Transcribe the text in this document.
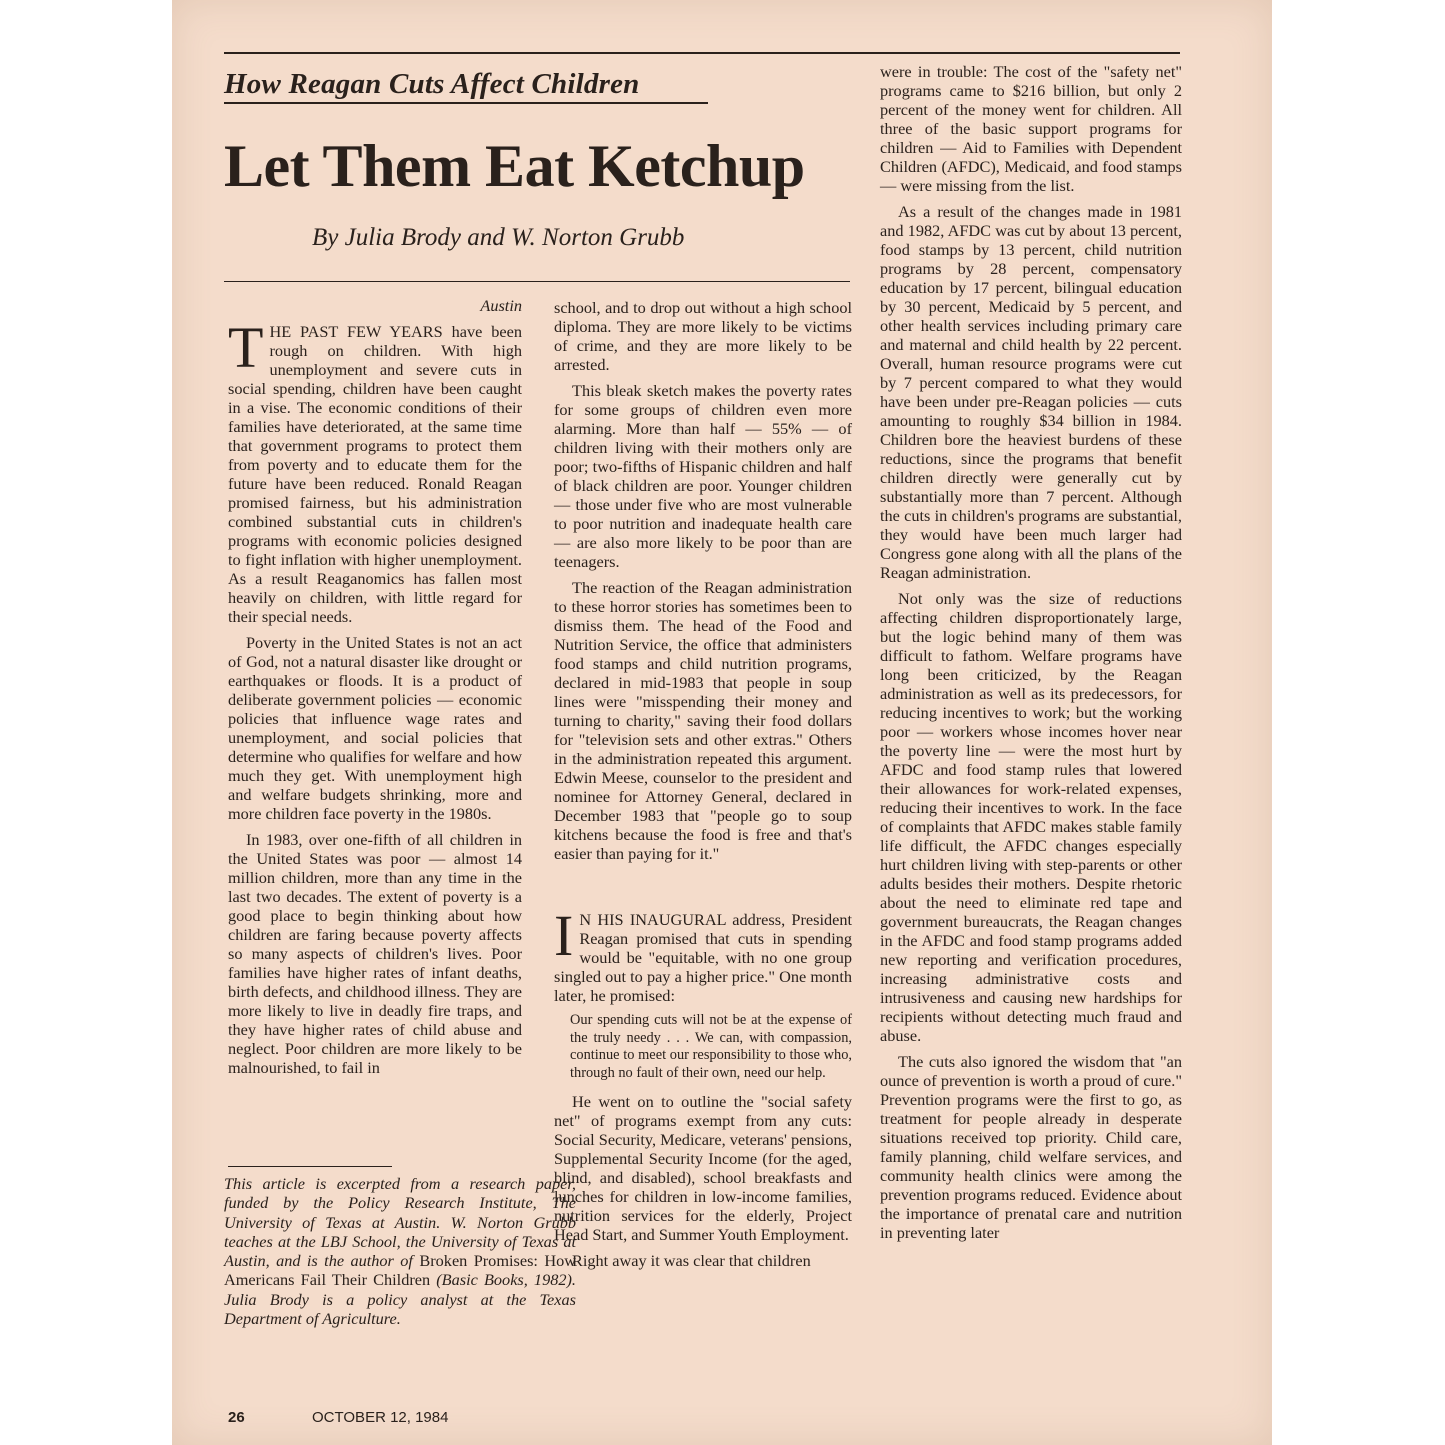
How Reagan Cuts Affect Children
Let Them Eat Ketchup
By Julia Brody and W. Norton Grubb

Austin

THE PAST FEW YEARS have been rough on children. With high unemployment and severe cuts in social spending, children have been caught in a vise. The economic conditions of their families have deteriorated, at the same time that government programs to protect them from poverty and to educate them for the future have been reduced. Ronald Reagan promised fairness, but his administration combined substantial cuts in children's programs with economic policies designed to fight inflation with higher unemployment. As a result Reaganomics has fallen most heavily on children, with little regard for their special needs.

Poverty in the United States is not an act of God, not a natural disaster like drought or earthquakes or floods. It is a product of deliberate government policies — economic policies that influence wage rates and unemployment, and social policies that determine who qualifies for welfare and how much they get. With unemployment high and welfare budgets shrinking, more and more children face poverty in the 1980s.

In 1983, over one-fifth of all children in the United States was poor — almost 14 million children, more than any time in the last two decades. The extent of poverty is a good place to begin thinking about how children are faring because poverty affects so many aspects of children's lives. Poor families have higher rates of infant deaths, birth defects, and childhood illness. They are more likely to live in deadly fire traps, and they have higher rates of child abuse and neglect. Poor children are more likely to be malnourished, to fail in

This article is excerpted from a research paper, funded by the Policy Research Institute, The University of Texas at Austin. W. Norton Grubb teaches at the LBJ School, the University of Texas at Austin, and is the author of Broken Promises: How Americans Fail Their Children (Basic Books, 1982). Julia Brody is a policy analyst at the Texas Department of Agriculture.

school, and to drop out without a high school diploma. They are more likely to be victims of crime, and they are more likely to be arrested.

This bleak sketch makes the poverty rates for some groups of children even more alarming. More than half — 55% — of children living with their mothers only are poor; two-fifths of Hispanic children and half of black children are poor. Younger children — those under five who are most vulnerable to poor nutrition and inadequate health care — are also more likely to be poor than are teenagers.

The reaction of the Reagan administration to these horror stories has sometimes been to dismiss them. The head of the Food and Nutrition Service, the office that administers food stamps and child nutrition programs, declared in mid-1983 that people in soup lines were "misspending their money and turning to charity," saving their food dollars for "television sets and other extras." Others in the administration repeated this argument. Edwin Meese, counselor to the president and nominee for Attorney General, declared in December 1983 that "people go to soup kitchens because the food is free and that's easier than paying for it."

I N HIS INAUGURAL address, President Reagan promised that cuts in spending would be "equitable, with no one group singled out to pay a higher price." One month later, he promised:

Our spending cuts will not be at the expense of the truly needy . . . We can, with compassion, continue to meet our responsibility to those who, through no fault of their own, need our help.

He went on to outline the "social safety net" of programs exempt from any cuts: Social Security, Medicare, veterans' pensions, Supplemental Security Income (for the aged, blind, and disabled), school breakfasts and lunches for children in low-income families, nutrition services for the elderly, Project Head Start, and Summer Youth Employment.

Right away it was clear that children

were in trouble: The cost of the "safety net" programs came to $216 billion, but only 2 percent of the money went for children. All three of the basic support programs for children — Aid to Families with Dependent Children (AFDC), Medicaid, and food stamps — were missing from the list.

As a result of the changes made in 1981 and 1982, AFDC was cut by about 13 percent, food stamps by 13 percent, child nutrition programs by 28 percent, compensatory education by 17 percent, bilingual education by 30 percent, Medicaid by 5 percent, and other health services including primary care and maternal and child health by 22 percent. Overall, human resource programs were cut by 7 percent compared to what they would have been under pre-Reagan policies — cuts amounting to roughly $34 billion in 1984. Children bore the heaviest burdens of these reductions, since the programs that benefit children directly were generally cut by substantially more than 7 percent. Although the cuts in children's programs are substantial, they would have been much larger had Congress gone along with all the plans of the Reagan administration.

Not only was the size of reductions affecting children disproportionately large, but the logic behind many of them was difficult to fathom. Welfare programs have long been criticized, by the Reagan administration as well as its predecessors, for reducing incentives to work; but the working poor — workers whose incomes hover near the poverty line — were the most hurt by AFDC and food stamp rules that lowered their allowances for work-related expenses, reducing their incentives to work. In the face of complaints that AFDC makes stable family life difficult, the AFDC changes especially hurt children living with step-parents or other adults besides their mothers. Despite rhetoric about the need to eliminate red tape and government bureaucrats, the Reagan changes in the AFDC and food stamp programs added new reporting and verification procedures, increasing administrative costs and intrusiveness and causing new hardships for recipients without detecting much fraud and abuse.

The cuts also ignored the wisdom that "an ounce of prevention is worth a proud of cure." Prevention programs were the first to go, as treatment for people already in desperate situations received top priority. Child care, family planning, child welfare services, and community health clinics were among the prevention programs reduced. Evidence about the importance of prenatal care and nutrition in preventing later

26	OCTOBER 12, 1984
